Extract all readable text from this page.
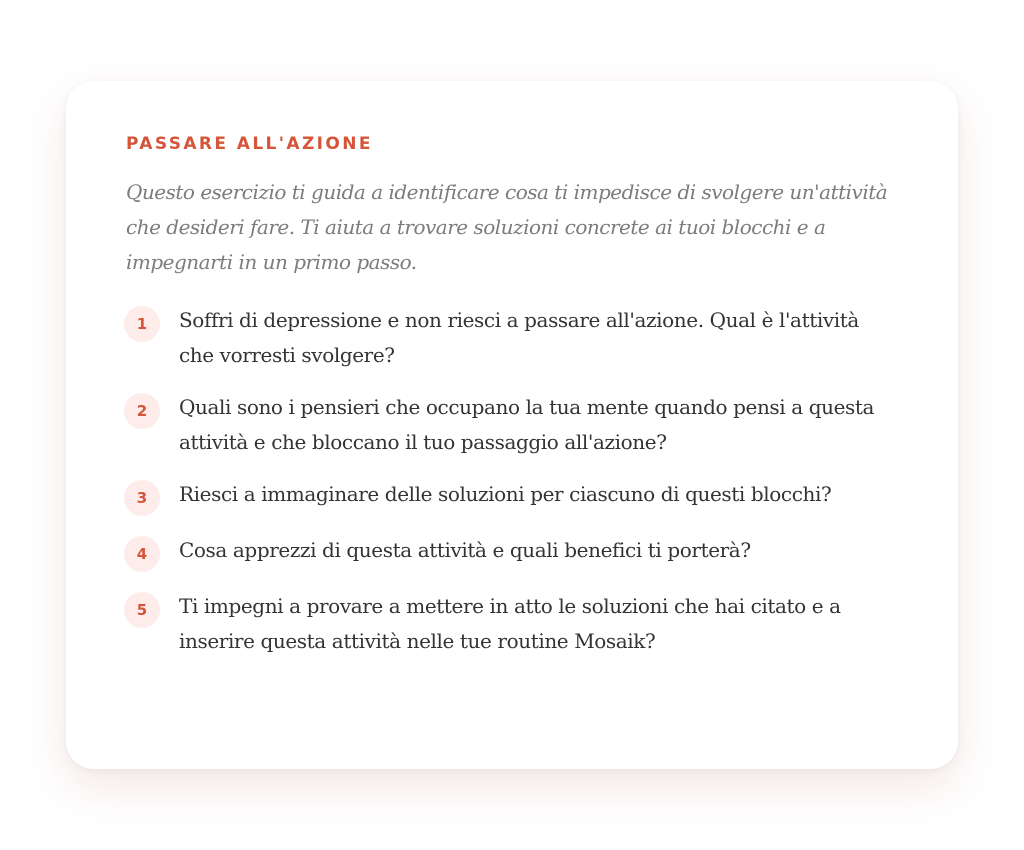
PASSARE ALL'AZIONE

Questo esercizio ti guida a identificare cosa ti impedisce di svolgere un'attività che desideri fare. Ti aiuta a trovare soluzioni concrete ai tuoi blocchi e a impegnarti in un primo passo.

1	Soffri di depressione e non riesci a passare all'azione. Qual è l'attività che vorresti svolgere?
2	Quali sono i pensieri che occupano la tua mente quando pensi a questa attività e che bloccano il tuo passaggio all'azione?
3	Riesci a immaginare delle soluzioni per ciascuno di questi blocchi?
4	Cosa apprezzi di questa attività e quali benefici ti porterà?
5	Ti impegni a provare a mettere in atto le soluzioni che hai citato e a inserire questa attività nelle tue routine Mosaik?
